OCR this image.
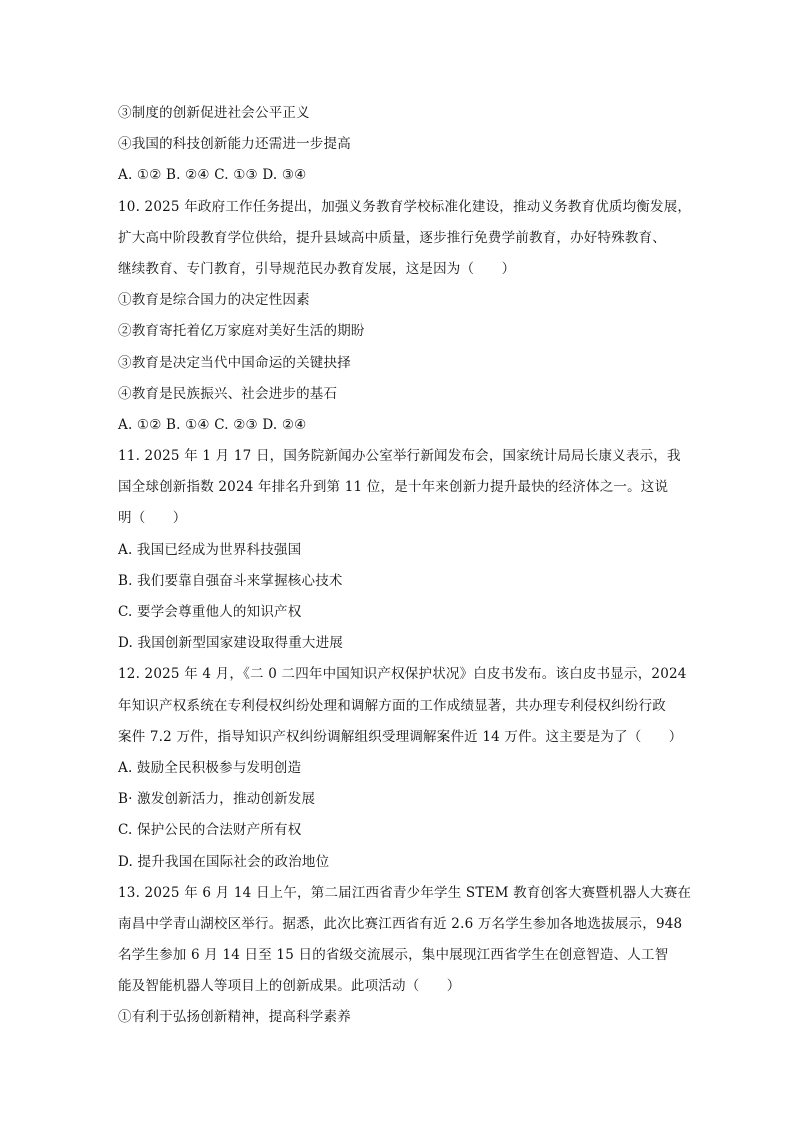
③制度的创新促进社会公平正义
④我国的科技创新能力还需进一步提高
A. ①② B. ②④ C. ①③ D. ③④
10. 2025 年政府工作任务提出，加强义务教育学校标准化建设，推动义务教育优质均衡发展，
扩大高中阶段教育学位供给，提升县域高中质量，逐步推行免费学前教育，办好特殊教育、
继续教育、专门教育，引导规范民办教育发展，这是因为（　　）
①教育是综合国力的决定性因素
②教育寄托着亿万家庭对美好生活的期盼
③教育是决定当代中国命运的关键抉择
④教育是民族振兴、社会进步的基石
A. ①② B. ①④ C. ②③ D. ②④
11. 2025 年 1 月 17 日，国务院新闻办公室举行新闻发布会，国家统计局局长康义表示，我
国全球创新指数 2024 年排名升到第 11 位，是十年来创新力提升最快的经济体之一。这说
明（　　）
A. 我国已经成为世界科技强国
B. 我们要靠自强奋斗来掌握核心技术
C. 要学会尊重他人的知识产权
D. 我国创新型国家建设取得重大进展
12. 2025 年 4 月，《二 0 二四年中国知识产权保护状况》白皮书发布。该白皮书显示，2024
年知识产权系统在专利侵权纠纷处理和调解方面的工作成绩显著，共办理专利侵权纠纷行政
案件 7.2 万件，指导知识产权纠纷调解组织受理调解案件近 14 万件。这主要是为了（　　）
A. 鼓励全民积极参与发明创造
B· 激发创新活力，推动创新发展
C. 保护公民的合法财产所有权
D. 提升我国在国际社会的政治地位
13. 2025 年 6 月 14 日上午，第二届江西省青少年学生 STEM 教育创客大赛暨机器人大赛在
南昌中学青山湖校区举行。据悉，此次比赛江西省有近 2.6 万名学生参加各地选拔展示，948
名学生参加 6 月 14 日至 15 日的省级交流展示，集中展现江西省学生在创意智造、人工智
能及智能机器人等项目上的创新成果。此项活动（　　）
①有利于弘扬创新精神，提高科学素养
